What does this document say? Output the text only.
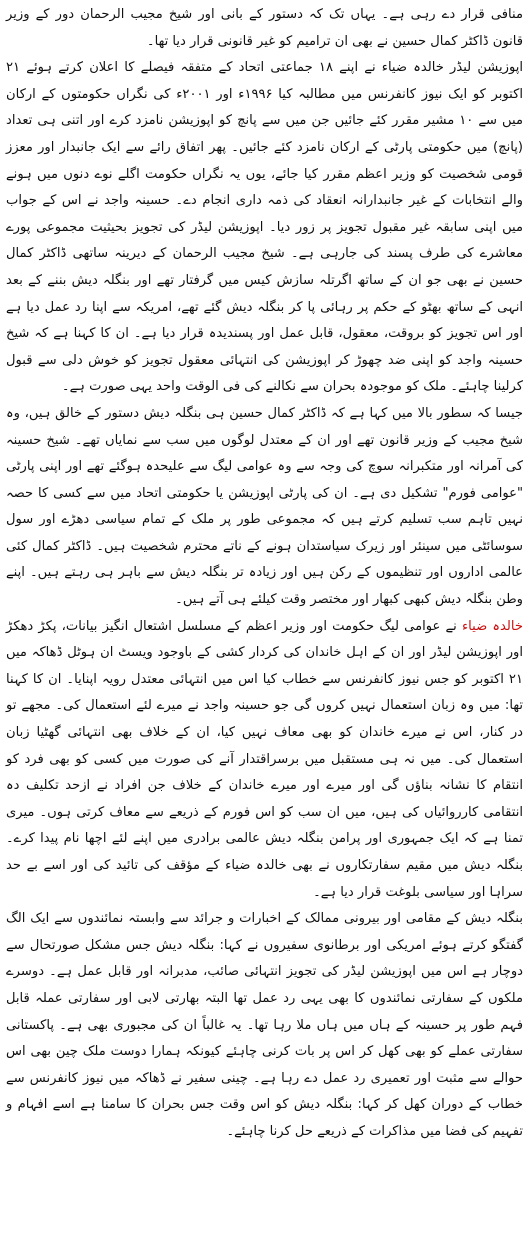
منافی قرار دے رہی ہے۔ یہاں تک کہ دستور کے بانی اور شیخ مجیب الرحمان دور کے وزیر قانون ڈاکٹر کمال حسین نے بھی ان ترامیم کو غیر قانونی قرار دیا تھا۔

اپوزیشن لیڈر خالدہ ضیاء نے اپنے ۱۸ جماعتی اتحاد کے متفقہ فیصلے کا اعلان کرتے ہوئے ۲۱ اکتوبر کو ایک نیوز کانفرنس میں مطالبہ کیا ۱۹۹۶ء اور ۲۰۰۱ء کی نگراں حکومتوں کے ارکان میں سے ۱۰ مشیر مقرر کئے جائیں جن میں سے پانچ کو اپوزیشن نامزد کرے اور اتنی ہی تعداد (پانچ) میں حکومتی پارٹی کے ارکان نامزد کئے جائیں۔ پھر اتفاق رائے سے ایک جانبدار اور معزز قومی شخصیت کو وزیر اعظم مقرر کیا جائے، یوں یہ نگراں حکومت اگلے نوے دنوں میں ہونے والے انتخابات کے غیر جانبدارانہ انعقاد کی ذمہ داری انجام دے۔ حسینہ واجد نے اس کے جواب میں اپنی سابقہ غیر مقبول تجویز پر زور دیا۔ اپوزیشن لیڈر کی تجویز بحیثیت مجموعی پورے معاشرے کی طرف پسند کی جارہی ہے۔ شیخ مجیب الرحمان کے دیرینہ ساتھی ڈاکٹر کمال حسین نے بھی جو ان کے ساتھ اگرتلہ سازش کیس میں گرفتار تھے اور بنگلہ دیش بننے کے بعد انہی کے ساتھ بھٹو کے حکم پر رہائی پا کر بنگلہ دیش گئے تھے، امریکہ سے اپنا رد عمل دیا ہے اور اس تجویز کو بروقت، معقول، قابل عمل اور پسندیدہ قرار دیا ہے۔ ان کا کہنا ہے کہ شیخ حسینہ واجد کو اپنی ضد چھوڑ کر اپوزیشن کی انتہائی معقول تجویز کو خوش دلی سے قبول کرلینا چاہئے۔ ملک کو موجودہ بحران سے نکالنے کی فی الوقت واحد یہی صورت ہے۔

جیسا کہ سطور بالا میں کہا ہے کہ ڈاکٹر کمال حسین ہی بنگلہ دیش دستور کے خالق ہیں، وہ شیخ مجیب کے وزیر قانون تھے اور ان کے معتدل لوگوں میں سب سے نمایاں تھے۔ شیخ حسینہ کی آمرانہ اور متکبرانہ سوچ کی وجہ سے وہ عوامی لیگ سے علیحدہ ہوگئے تھے اور اپنی پارٹی "عوامی فورم" تشکیل دی ہے۔ ان کی پارٹی اپوزیشن یا حکومتی اتحاد میں سے کسی کا حصہ نہیں تاہم سب تسلیم کرتے ہیں کہ مجموعی طور پر ملک کے تمام سیاسی دھڑے اور سول سوسائٹی میں سینئر اور زیرک سیاستدان ہونے کے ناتے محترم شخصیت ہیں۔ ڈاکٹر کمال کئی عالمی اداروں اور تنظیموں کے رکن ہیں اور زیادہ تر بنگلہ دیش سے باہر ہی رہتے ہیں۔ اپنے وطن بنگلہ دیش کبھی کبھار اور مختصر وقت کیلئے ہی آتے ہیں۔

خالدہ ضیاء نے عوامی لیگ حکومت اور وزیر اعظم کے مسلسل اشتعال انگیز بیانات، پکڑ دھکڑ اور اپوزیشن لیڈر اور ان کے اہل خاندان کی کردار کشی کے باوجود ویسٹ ان ہوٹل ڈھاکہ میں ۲۱ اکتوبر کو جس نیوز کانفرنس سے خطاب کیا اس میں انتہائی معتدل رویہ اپنایا۔ ان کا کہنا تھا: میں وہ زبان استعمال نہیں کروں گی جو حسینہ واجد نے میرے لئے استعمال کی۔ مجھے تو در کنار، اس نے میرے خاندان کو بھی معاف نہیں کیا، ان کے خلاف بھی انتہائی گھٹیا زبان استعمال کی۔ میں نہ ہی مستقبل میں برسراقتدار آنے کی صورت میں کسی کو بھی فرد کو انتقام کا نشانہ بناؤں گی اور میرے اور میرے خاندان کے خلاف جن افراد نے ازحد تکلیف دہ انتقامی کارروائیاں کی ہیں، میں ان سب کو اس فورم کے ذریعے سے معاف کرتی ہوں۔ میری تمنا ہے کہ ایک جمہوری اور پرامن بنگلہ دیش عالمی برادری میں اپنے لئے اچھا نام پیدا کرے۔ بنگلہ دیش میں مقیم سفارتکاروں نے بھی خالدہ ضیاء کے مؤقف کی تائید کی اور اسے بے حد سراہا اور سیاسی بلوغت قرار دیا ہے۔

بنگلہ دیش کے مقامی اور بیرونی ممالک کے اخبارات و جرائد سے وابستہ نمائندوں سے ایک الگ گفتگو کرتے ہوئے امریکی اور برطانوی سفیروں نے کہا: بنگلہ دیش جس مشکل صورتحال سے دوچار ہے اس میں اپوزیشن لیڈر کی تجویز انتہائی صائب، مدبرانہ اور قابل عمل ہے۔ دوسرے ملکوں کے سفارتی نمائندوں کا بھی یہی رد عمل تھا البتہ بھارتی لابی اور سفارتی عملہ قابل فہم طور پر حسینہ کے ہاں میں ہاں ملا رہا تھا۔ یہ غالباً ان کی مجبوری بھی ہے۔ پاکستانی سفارتی عملے کو بھی کھل کر اس پر بات کرنی چاہئے کیونکہ ہمارا دوست ملک چین بھی اس حوالے سے مثبت اور تعمیری رد عمل دے رہا ہے۔ چینی سفیر نے ڈھاکہ میں نیوز کانفرنس سے خطاب کے دوران کھل کر کہا: بنگلہ دیش کو اس وقت جس بحران کا سامنا ہے اسے افہام و تفہیم کی فضا میں مذاکرات کے ذریعے حل کرنا چاہئے۔
